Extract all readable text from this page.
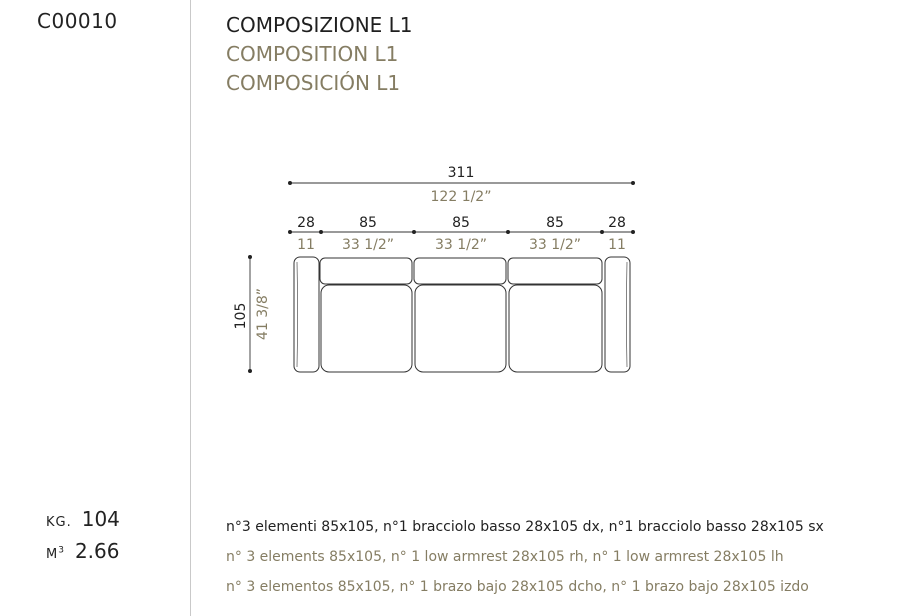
C00010	COMPOSIZIONE L1
COMPOSITION L1
COMPOSICIÓN L1
311
122 1/2”
28	85	85	85	28
11 33 1/2”	33 1/2”	33 1/2” 11
105 41 3/8”
KG. 104
$M^3$ 2.66
n°3 elementi 85x105, n°1 bracciolo basso 28x105 dx, n°1 bracciolo basso 28x105 sx
n° 3 elements 85x105, n° 1 low armrest 28x105 rh, n° 1 low armrest 28x105 lh
n° 3 elementos 85x105, n° 1 brazo bajo 28x105 dcho, n° 1 brazo bajo 28x105 izdo
